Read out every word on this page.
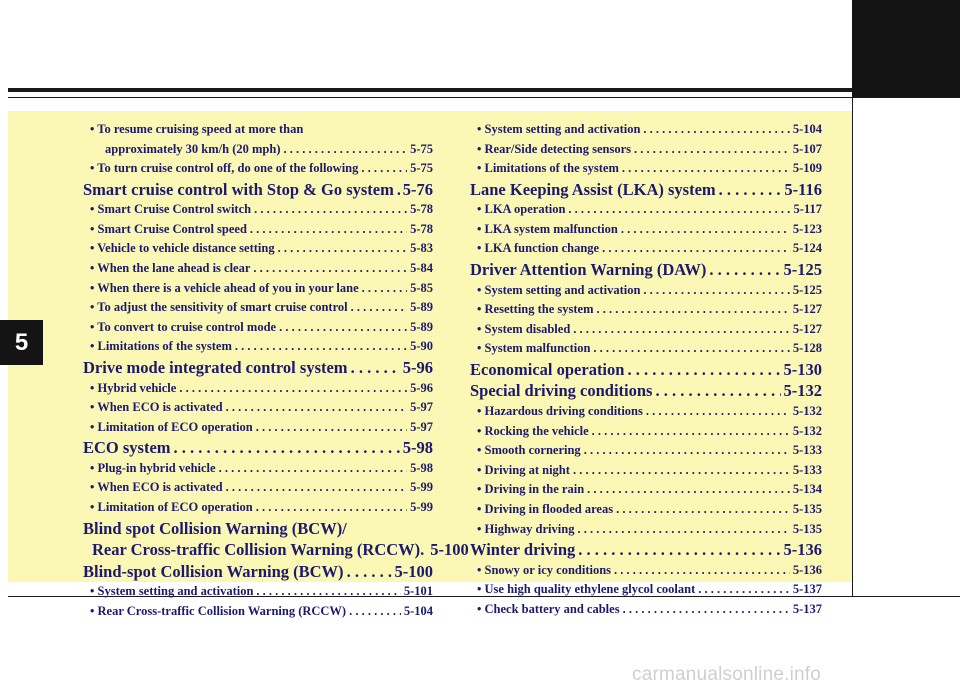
5
• To resume cruising speed at more than
approximately 30 km/h (20 mph) . . .	5-75
• To turn cruise control off, do one of the following . . .	5-75
Smart cruise control with Stop & Go system . . . 5-76
• Smart Cruise Control switch . . .	5-78
• Smart Cruise Control speed . . .	5-78
• Vehicle to vehicle distance setting . . .	5-83
• When the lane ahead is clear . . .	5-84
• When there is a vehicle ahead of you in your lane . . .	5-85
• To adjust the sensitivity of smart cruise control . . .	5-89
• To convert to cruise control mode . . .	5-89
• Limitations of the system . . .	5-90
Drive mode integrated control system . . .	5-96
• Hybrid vehicle . . .	5-96
• When ECO is activated . . .	5-97
• Limitation of ECO operation . . .	5-97
ECO system . . .	5-98
• Plug-in hybrid vehicle . . .	5-98
• When ECO is activated . . .	5-99
• Limitation of ECO operation . . .	5-99
Blind spot Collision Warning (BCW)/
Rear Cross-traffic Collision Warning (RCCW). 5-100
Blind-spot Collision Warning (BCW) . . .	5-100
• System setting and activation . . .	5-101
• Rear Cross-traffic Collision Warning (RCCW) . . .	5-104
• System setting and activation . . .	5-104
• Rear/Side detecting sensors . . .	5-107
• Limitations of the system . . .	5-109
Lane Keeping Assist (LKA) system . . .	5-116
• LKA operation . . .	5-117
• LKA system malfunction . . .	5-123
• LKA function change . . .	5-124
Driver Attention Warning (DAW) . . .	5-125
• System setting and activation . . .	5-125
• Resetting the system . . .	5-127
• System disabled . . .	5-127
• System malfunction . . .	5-128
Economical operation . . .	5-130
Special driving conditions . . .	5-132
• Hazardous driving conditions . . .	5-132
• Rocking the vehicle . . .	5-132
• Smooth cornering . . .	5-133
• Driving at night . . .	5-133
• Driving in the rain . . .	5-134
• Driving in flooded areas . . .	5-135
• Highway driving . . .	5-135
Winter driving . . .	5-136
• Snowy or icy conditions . . .	5-136
• Use high quality ethylene glycol coolant . . .	5-137
• Check battery and cables . . .	5-137
carmanualsonline.info
